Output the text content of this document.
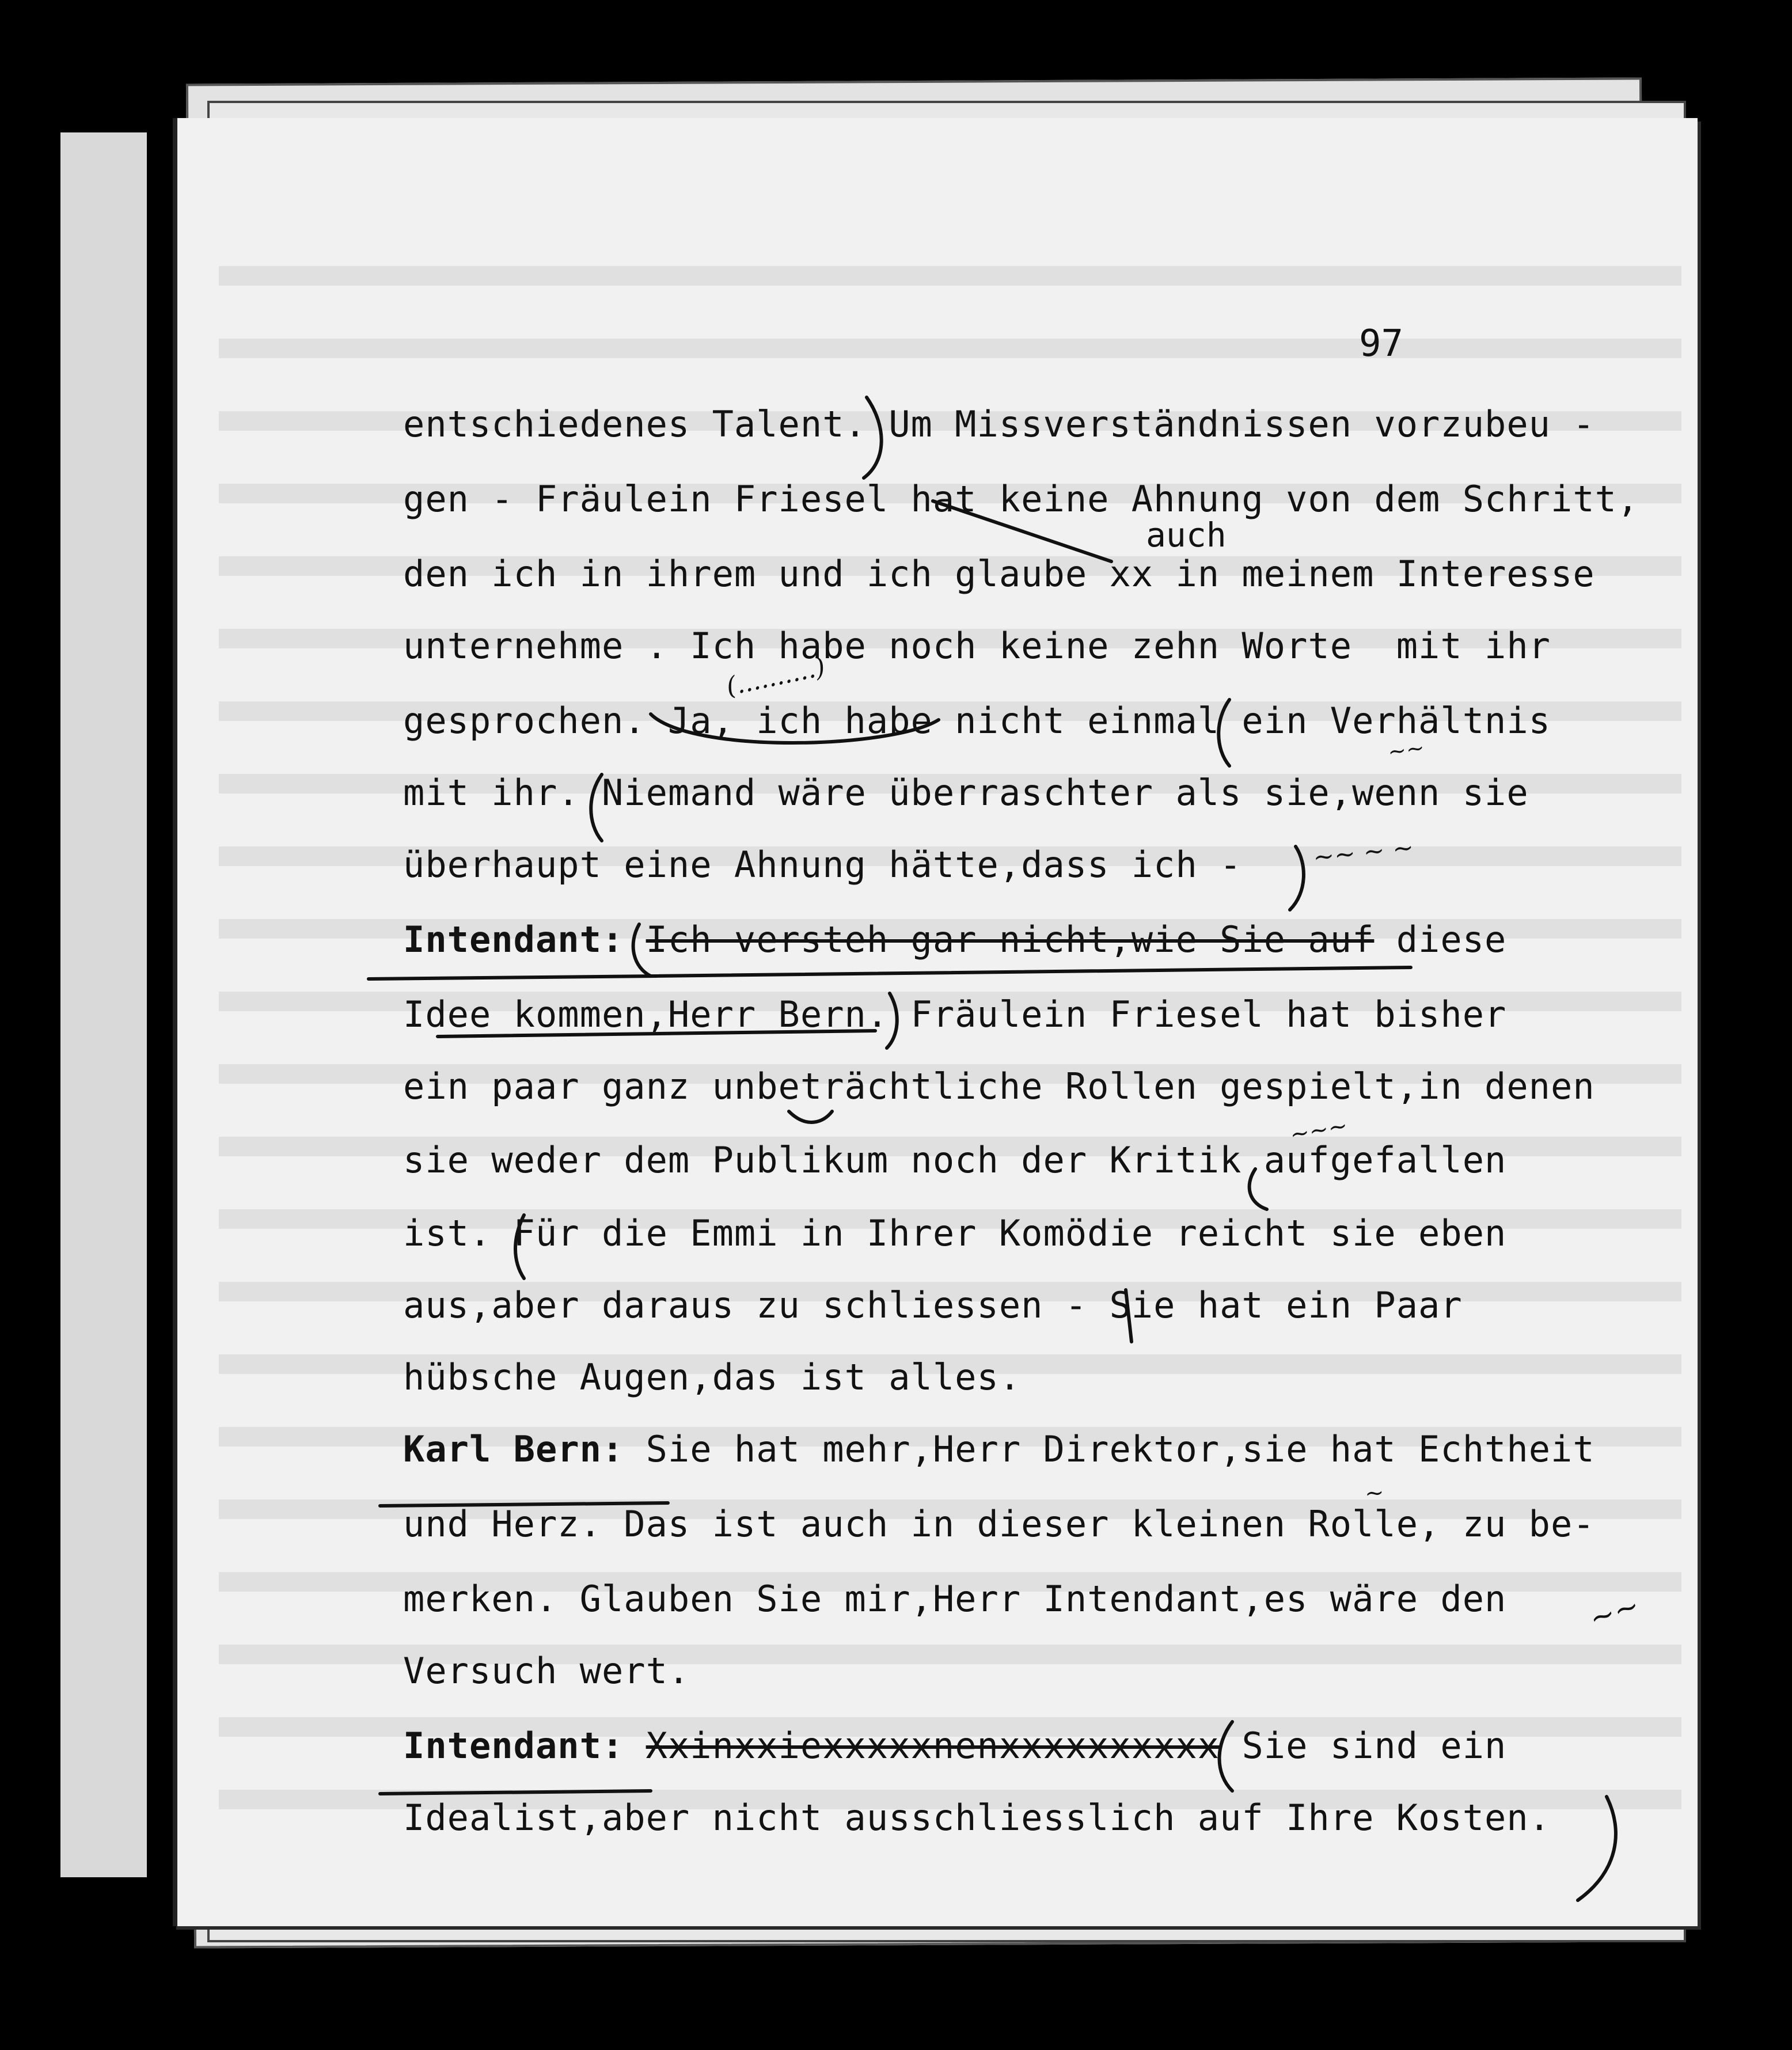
97
auch
entschiedenes Talent. Um Missverständnissen vorzubeu -
gen - Fräulein Friesel hat keine Ahnung von dem Schritt,
den ich in ihrem und ich glaube xx in meinem Interesse
unternehme . Ich habe noch keine zehn Worte  mit ihr
gesprochen. Ja, ich habe nicht einmal ein Verhältnis
mit ihr. Niemand wäre überraschter als sie,wenn sie
überhaupt eine Ahnung hätte,dass ich -
Intendant: Ich versteh gar nicht,wie Sie auf diese
Idee kommen,Herr Bern. Fräulein Friesel hat bisher
ein paar ganz unbeträchtliche Rollen gespielt,in denen
sie weder dem Publikum noch der Kritik aufgefallen
ist. Für die Emmi in Ihrer Komödie reicht sie eben
aus,aber daraus zu schliessen - Sie hat ein Paar
hübsche Augen,das ist alles.
Karl Bern: Sie hat mehr,Herr Direktor,sie hat Echtheit
und Herz. Das ist auch in dieser kleinen Rolle, zu be-
merken. Glauben Sie mir,Herr Intendant,es wäre den
Versuch wert.
Intendant: Xxinxxiexxxxxnenxxxxxxxxxx Sie sind ein
Idealist,aber nicht ausschliesslich auf Ihre Kosten.
(..........)
~~
~~ ~ ~
~~~
~
~~
